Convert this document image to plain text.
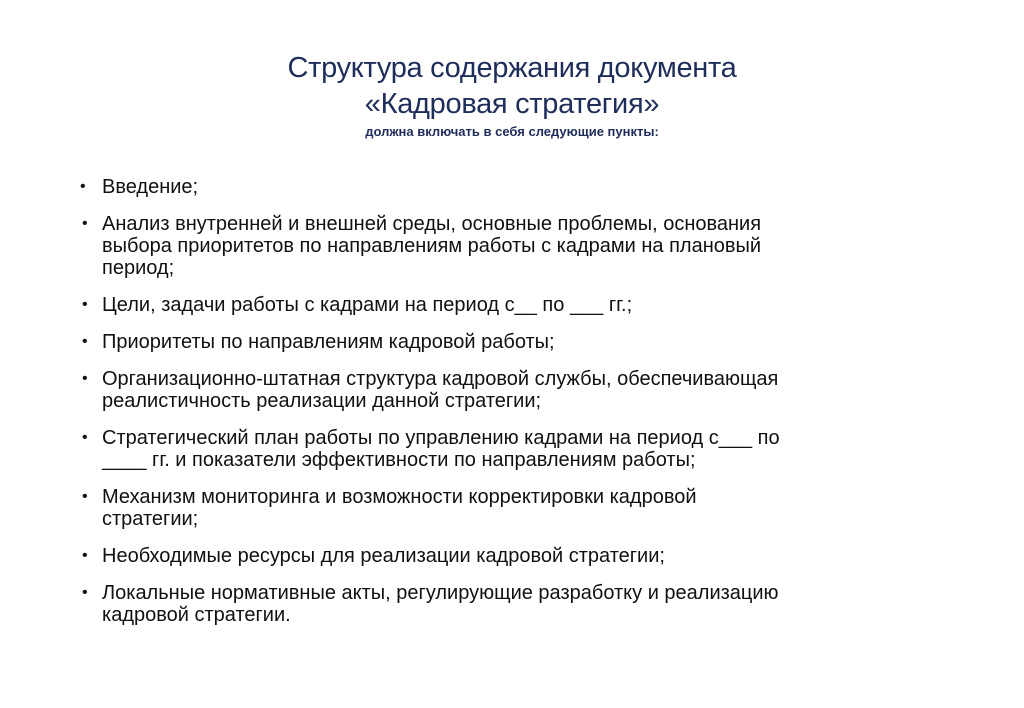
Структура содержания документа
«Кадровая стратегия»
должна включать в себя следующие пункты:
• Введение;
• Анализ внутренней и внешней среды, основные проблемы, основания
выбора приоритетов по направлениям работы с кадрами на плановый
период;
• Цели, задачи работы с кадрами на период с__ по ___ гг.;
• Приоритеты по направлениям кадровой работы;
• Организационно-штатная структура кадровой службы, обеспечивающая
реалистичность реализации данной стратегии;
• Стратегический план работы по управлению кадрами на период с___ по
____ гг. и показатели эффективности по направлениям работы;
• Механизм мониторинга и возможности корректировки кадровой
стратегии;
• Необходимые ресурсы для реализации кадровой стратегии;
• Локальные нормативные акты, регулирующие разработку и реализацию
кадровой стратегии.
